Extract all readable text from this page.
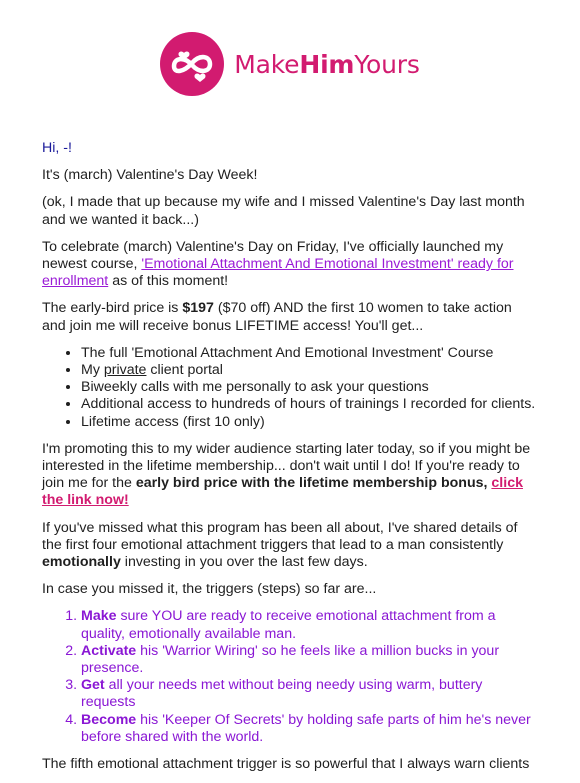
MakeHimYours

Hi, -!

It's (march) Valentine's Day Week!

(ok, I made that up because my wife and I missed Valentine's Day last month and we wanted it back...)

To celebrate (march) Valentine's Day on Friday, I've officially launched my newest course, 'Emotional Attachment And Emotional Investment' ready for enrollment as of this moment!

The early-bird price is $197 ($70 off) AND the first 10 women to take action and join me will receive bonus LIFETIME access! You'll get...

• The full 'Emotional Attachment And Emotional Investment' Course
• My private client portal
• Biweekly calls with me personally to ask your questions
• Additional access to hundreds of hours of trainings I recorded for clients.
• Lifetime access (first 10 only)

I'm promoting this to my wider audience starting later today, so if you might be interested in the lifetime membership... don't wait until I do! If you're ready to join me for the early bird price with the lifetime membership bonus, click the link now!

If you've missed what this program has been all about, I've shared details of the first four emotional attachment triggers that lead to a man consistently emotionally investing in you over the last few days.

In case you missed it, the triggers (steps) so far are...

1. Make sure YOU are ready to receive emotional attachment from a quality, emotionally available man.
2. Activate his 'Warrior Wiring' so he feels like a million bucks in your presence.
3. Get all your needs met without being needy using warm, buttery requests
4. Become his 'Keeper Of Secrets' by holding safe parts of him he's never before shared with the world.

The fifth emotional attachment trigger is so powerful that I always warn clients
